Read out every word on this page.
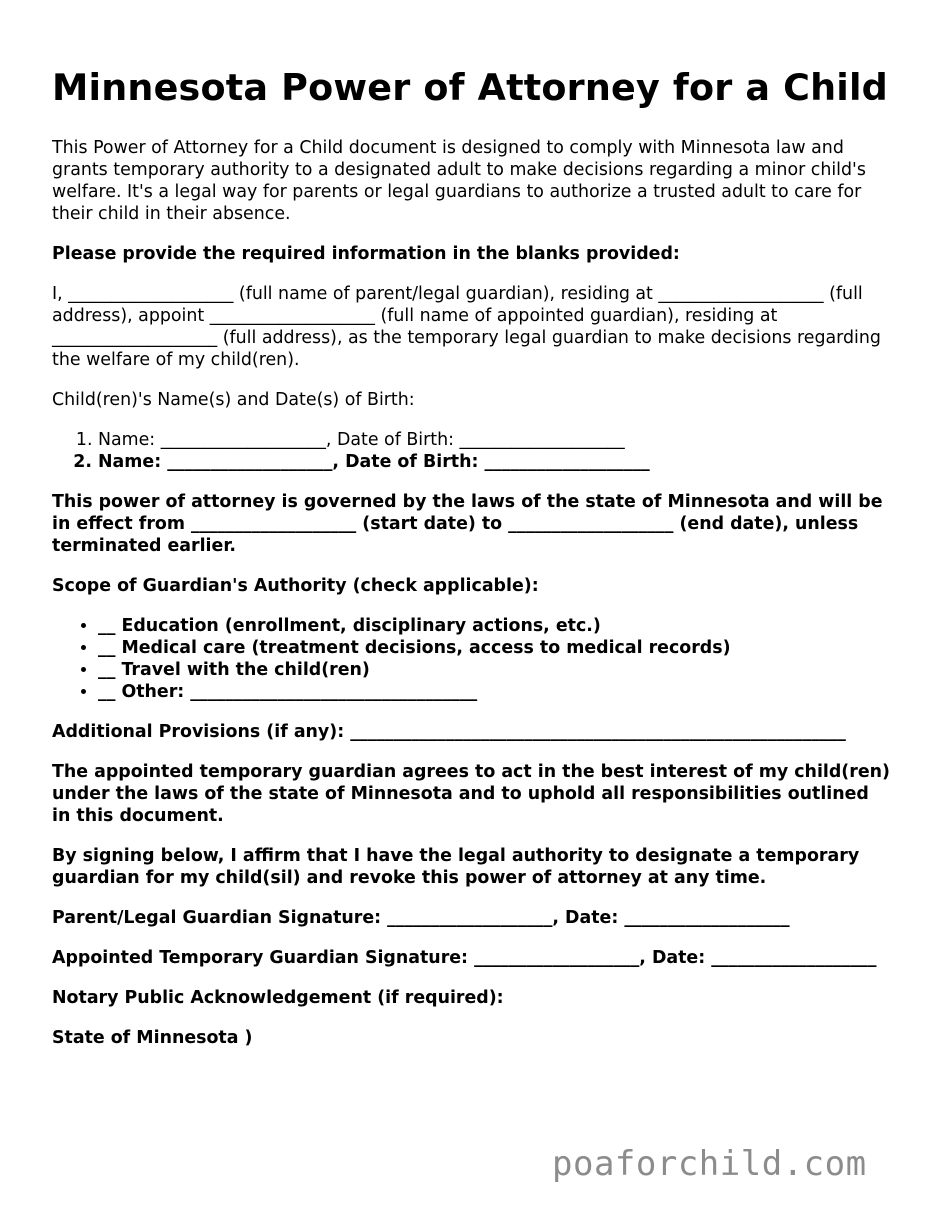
Minnesota Power of Attorney for a Child

This Power of Attorney for a Child document is designed to comply with Minnesota law and grants temporary authority to a designated adult to make decisions regarding a minor child's welfare. It's a legal way for parents or legal guardians to authorize a trusted adult to care for their child in their absence.

Please provide the required information in the blanks provided:

I, ___________________ (full name of parent/legal guardian), residing at ___________________ (full address), appoint ___________________ (full name of appointed guardian), residing at ___________________ (full address), as the temporary legal guardian to make decisions regarding the welfare of my child(ren).

Child(ren)'s Name(s) and Date(s) of Birth:

1. Name: ___________________, Date of Birth: ___________________
2. Name: ___________________, Date of Birth: ___________________

This power of attorney is governed by the laws of the state of Minnesota and will be in effect from ___________________ (start date) to ___________________ (end date), unless terminated earlier.

Scope of Guardian's Authority (check applicable):

• __ Education (enrollment, disciplinary actions, etc.)
• __ Medical care (treatment decisions, access to medical records)
• __ Travel with the child(ren)
• __ Other: _________________________________

Additional Provisions (if any): _________________________________________________________

The appointed temporary guardian agrees to act in the best interest of my child(ren) under the laws of the state of Minnesota and to uphold all responsibilities outlined in this document.

By signing below, I affirm that I have the legal authority to designate a temporary guardian for my child(sil) and revoke this power of attorney at any time.

Parent/Legal Guardian Signature: ___________________, Date: ___________________

Appointed Temporary Guardian Signature: ___________________, Date: ___________________

Notary Public Acknowledgement (if required):

State of Minnesota )

poaforchild.com
